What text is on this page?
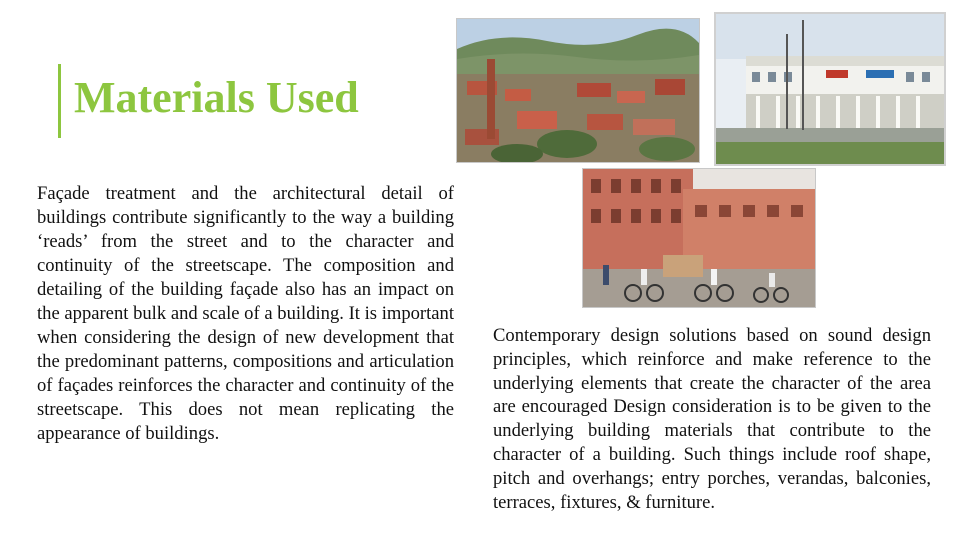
Materials Used

Façade treatment and the architectural detail of buildings contribute significantly to the way a building ‘reads’ from the street and to the character and continuity of the streetscape. The composition and detailing of the building façade also has an impact on the apparent bulk and scale of a building. It is important when considering the design of new development that the predominant patterns, compositions and articulation of façades reinforces the character and continuity of the streetscape. This does not mean replicating the appearance of buildings.

Contemporary design solutions based on sound design principles, which reinforce and make reference to the underlying elements that create the character of the area are encouraged Design consideration is to be given to the underlying building materials that contribute to the character of a building. Such things include roof shape, pitch and overhangs; entry porches, verandas, balconies, terraces, fixtures, & furniture.
